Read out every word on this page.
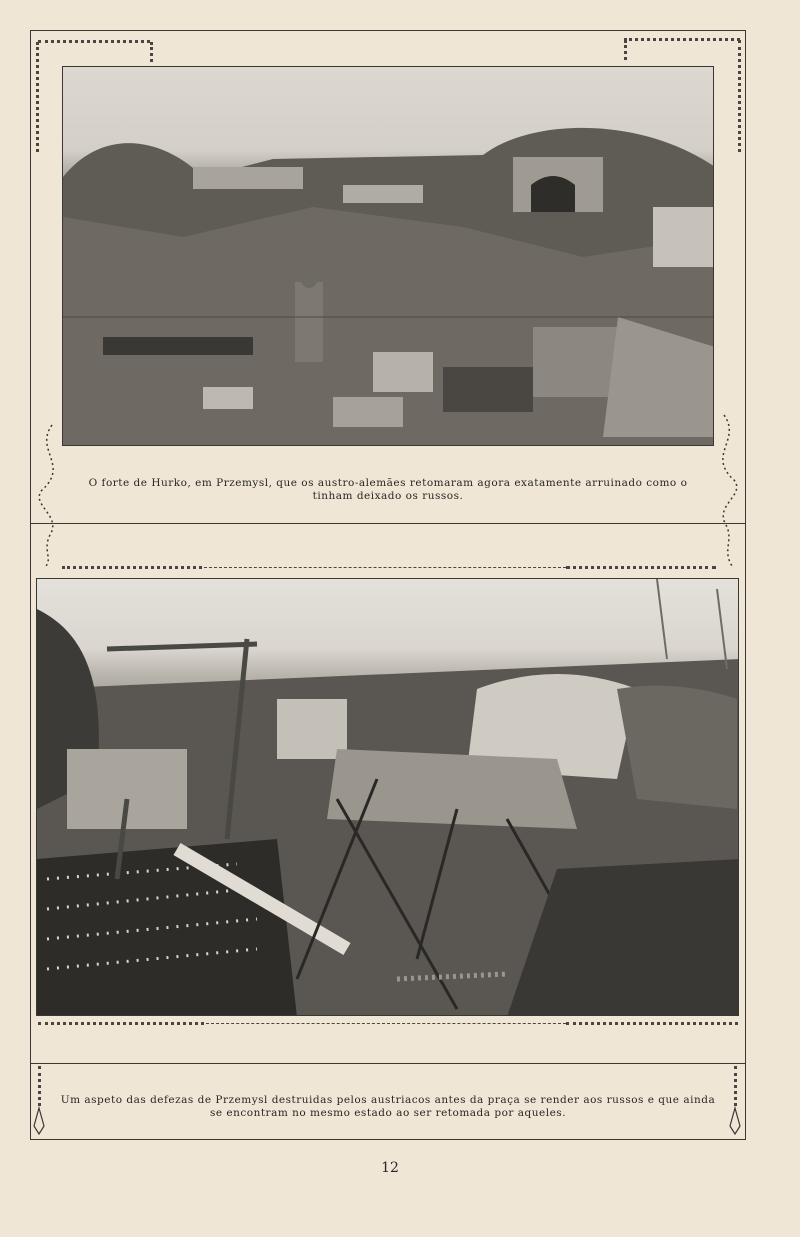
O forte de Hurko, em Przemysl, que os austro-alemães retomaram agora exatamente arruinado como o tinham deixado os russos.
Um aspeto das defezas de Przemysl destruidas pelos austriacos antes da praça se render aos russos e que ainda se encontram no mesmo estado ao ser retomada por aqueles.
12
